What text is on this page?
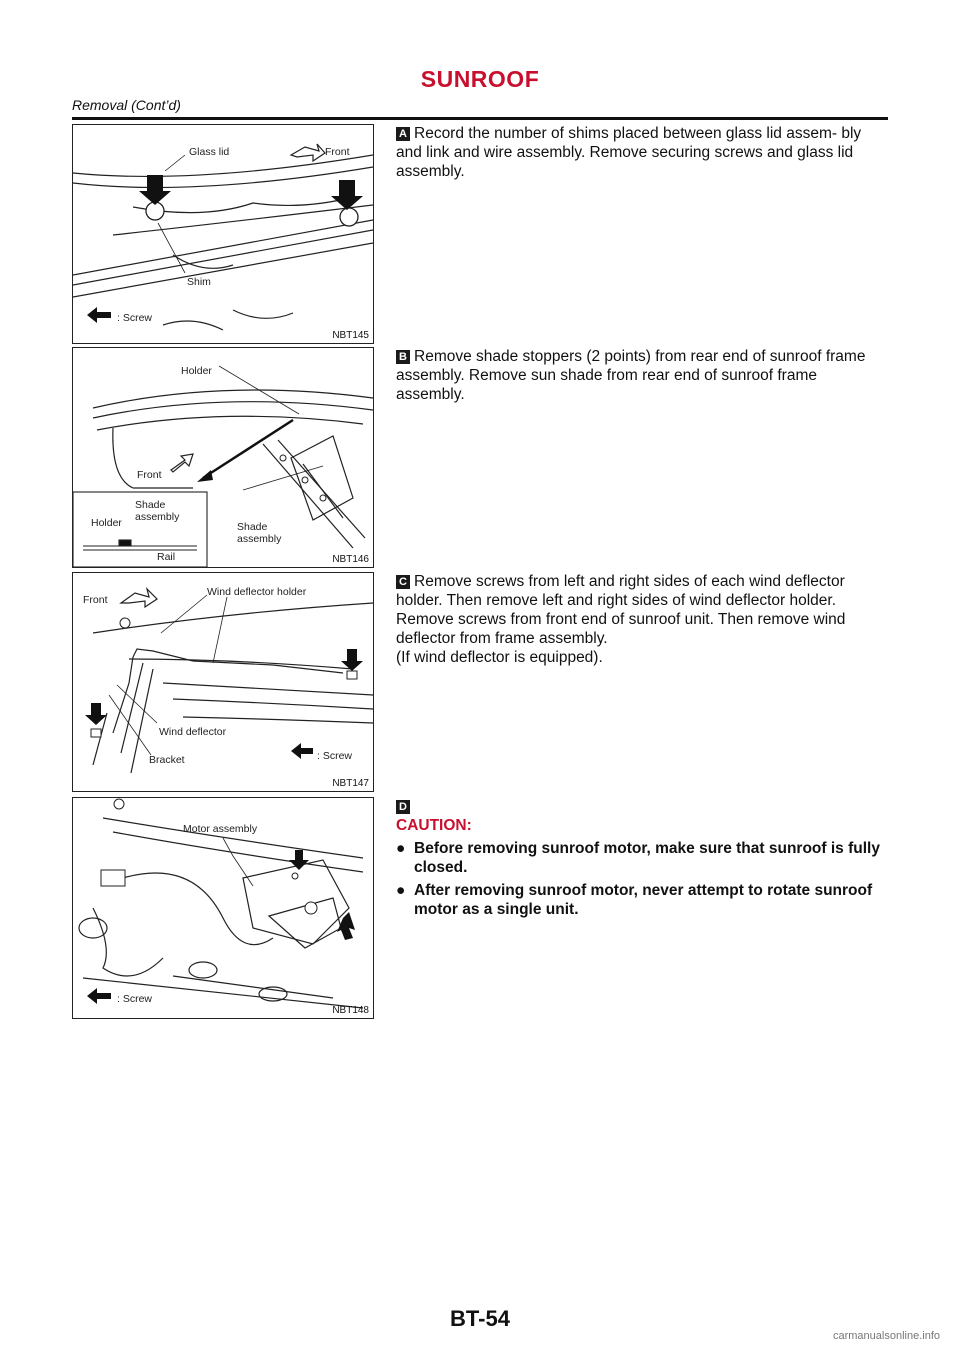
SUNROOF
Removal (Cont’d)
Glass lid	Front
Shim
: Screw
NBT145
Holder
Front
Shade
assembly
Holder
Shade
assembly
Rail	NBT146
Front
Wind deflector holder
Wind deflector
Bracket	: Screw
NBT147
Motor assembly
: Screw
NBT148

A Record the number of shims placed between glass lid assem- bly and link and wire assembly. Remove securing screws and glass lid assembly.

B Remove shade stoppers (2 points) from rear end of sunroof frame assembly. Remove sun shade from rear end of sunroof frame assembly.

C Remove screws from left and right sides of each wind deflector holder. Then remove left and right sides of wind deflector holder. Remove screws from front end of sunroof unit. Then remove wind deflector from frame assembly.

(If wind deflector is equipped).

D

CAUTION:

● Before removing sunroof motor, make sure that sunroof is fully closed.
● After removing sunroof motor, never attempt to rotate sunroof motor as a single unit.
BT-54
carmanualsonline.info
